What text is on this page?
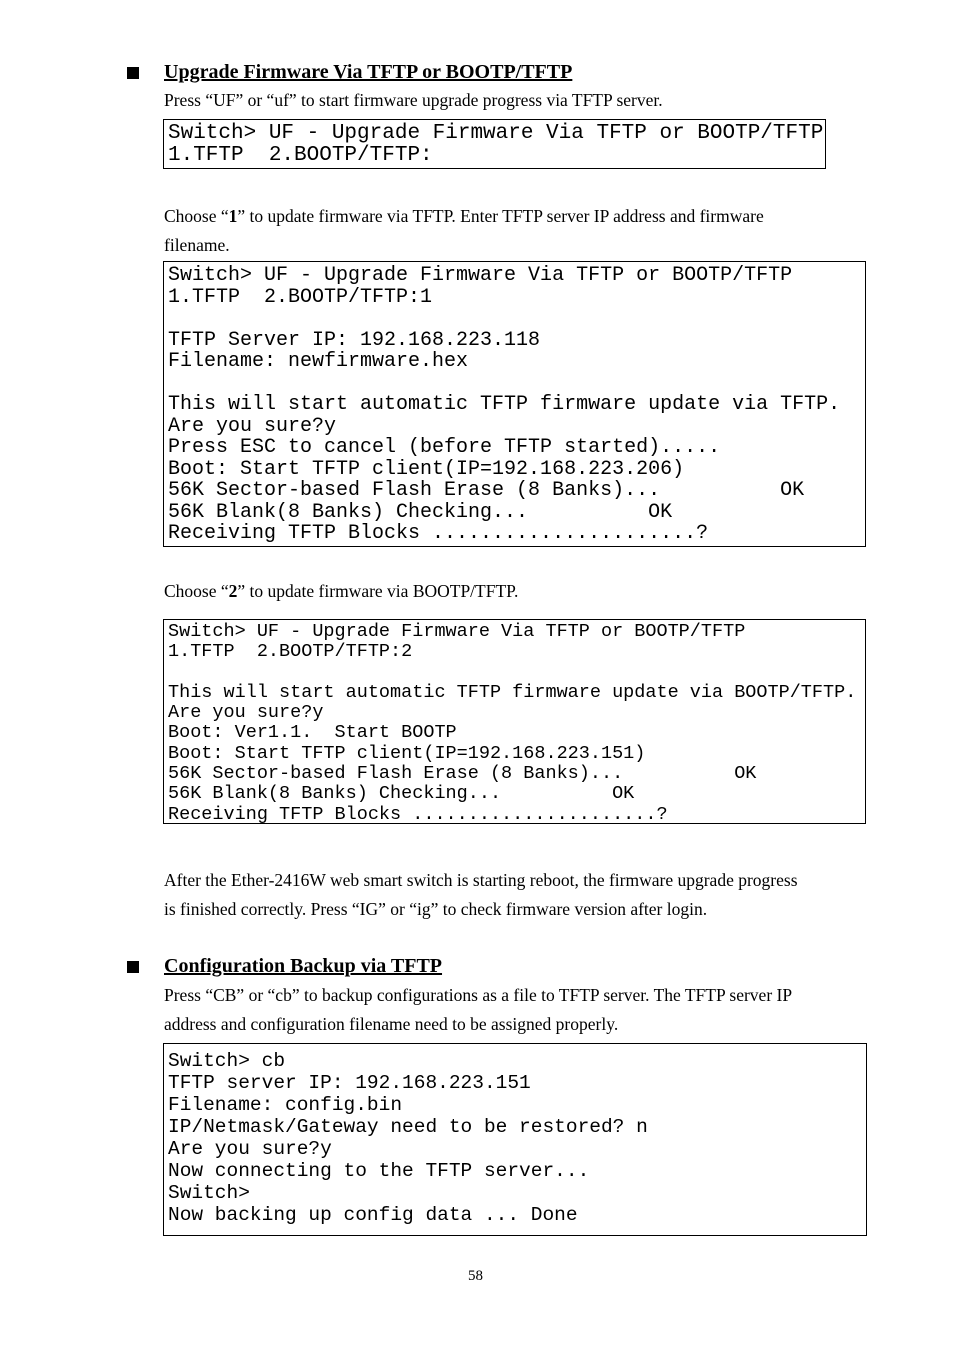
Upgrade Firmware Via TFTP or BOOTP/TFTP
Press “UF” or “uf” to start firmware upgrade progress via TFTP server.
Switch> UF - Upgrade Firmware Via TFTP or BOOTP/TFTP
1.TFTP  2.BOOTP/TFTP:
Choose “1” to update firmware via TFTP. Enter TFTP server IP address and firmware
filename.
Switch> UF - Upgrade Firmware Via TFTP or BOOTP/TFTP
1.TFTP  2.BOOTP/TFTP:1

TFTP Server IP: 192.168.223.118
Filename: newfirmware.hex

This will start automatic TFTP firmware update via TFTP.
Are you sure?y
Press ESC to cancel (before TFTP started).....
Boot: Start TFTP client(IP=192.168.223.206)
56K Sector-based Flash Erase (8 Banks)...          OK
56K Blank(8 Banks) Checking...          OK
Receiving TFTP Blocks ......................?
Choose “2” to update firmware via BOOTP/TFTP.
Switch> UF - Upgrade Firmware Via TFTP or BOOTP/TFTP
1.TFTP  2.BOOTP/TFTP:2

This will start automatic TFTP firmware update via BOOTP/TFTP.
Are you sure?y
Boot: Ver1.1.  Start BOOTP
Boot: Start TFTP client(IP=192.168.223.151)
56K Sector-based Flash Erase (8 Banks)...          OK
56K Blank(8 Banks) Checking...          OK
Receiving TFTP Blocks ......................?
After the Ether-2416W web smart switch is starting reboot, the firmware upgrade progress
is finished correctly. Press “IG” or “ig” to check firmware version after login.
Configuration Backup via TFTP
Press “CB” or “cb” to backup configurations as a file to TFTP server. The TFTP server IP
address and configuration filename need to be assigned properly.
Switch> cb
TFTP server IP: 192.168.223.151
Filename: config.bin
IP/Netmask/Gateway need to be restored? n
Are you sure?y
Now connecting to the TFTP server...
Switch>
Now backing up config data ... Done
58
